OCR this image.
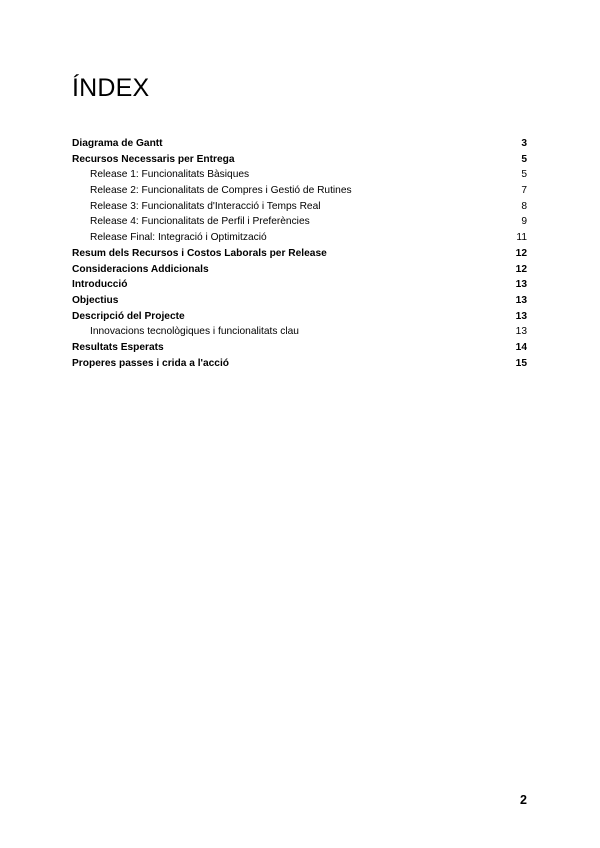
ÍNDEX
Diagrama de Gantt	3
Recursos Necessaris per Entrega	5
Release 1: Funcionalitats Bàsiques	5
Release 2: Funcionalitats de Compres i Gestió de Rutines	7
Release 3: Funcionalitats d'Interacció i Temps Real	8
Release 4: Funcionalitats de Perfil i Preferències	9
Release Final: Integració i Optimització	11
Resum dels Recursos i Costos Laborals per Release	12
Consideracions Addicionals	12
Introducció	13
Objectius	13
Descripció del Projecte	13
Innovacions tecnològiques i funcionalitats clau	13
Resultats Esperats	14
Properes passes i crida a l'acció	15
2
